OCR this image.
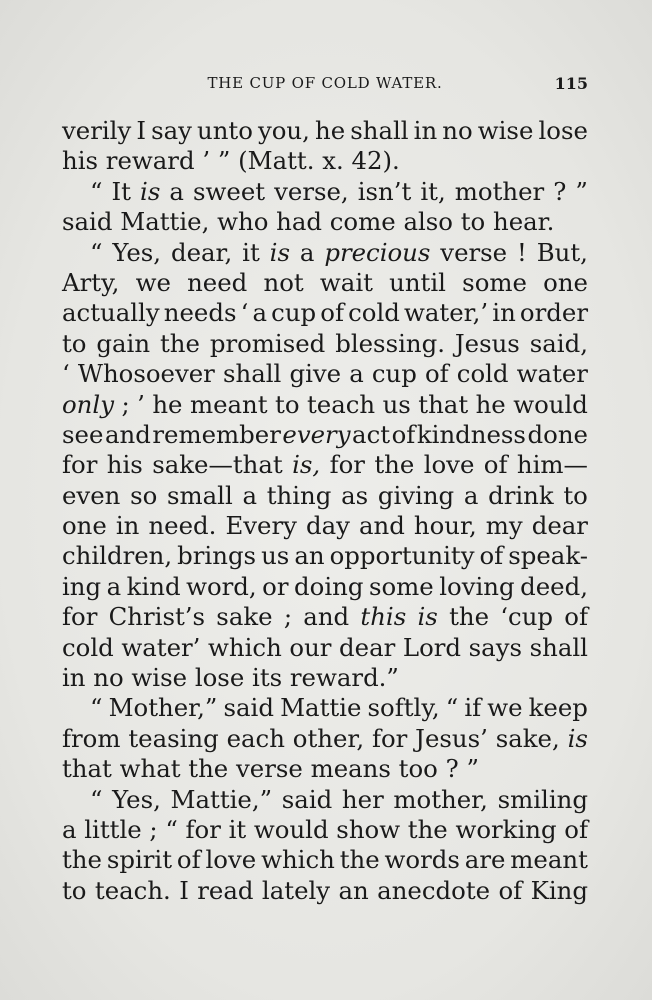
THE CUP OF COLD WATER.	115
verily I say unto you, he shall in no wise lose
his reward ’ ” (Matt. x. 42).
“ It is a sweet verse, isn’t it, mother ? ”
said Mattie, who had come also to hear.
“ Yes, dear, it is a precious verse ! But,
Arty, we need not wait until some one
actually needs ‘ a cup of cold water,’ in order
to gain the promised blessing. Jesus said,
‘ Whosoever shall give a cup of cold water
only ; ’ he meant to teach us that he would
see and remember every act of kindness done
for his sake—that is, for the love of him—
even so small a thing as giving a drink to
one in need. Every day and hour, my dear
children, brings us an opportunity of speak-
ing a kind word, or doing some loving deed,
for Christ’s sake ; and this is the ‘cup of
cold water’ which our dear Lord says shall
in no wise lose its reward.”
“ Mother,” said Mattie softly, “ if we keep
from teasing each other, for Jesus’ sake, is
that what the verse means too ? ”
“ Yes, Mattie,” said her mother, smiling
a little ; “ for it would show the working of
the spirit of love which the words are meant
to teach. I read lately an anecdote of King
